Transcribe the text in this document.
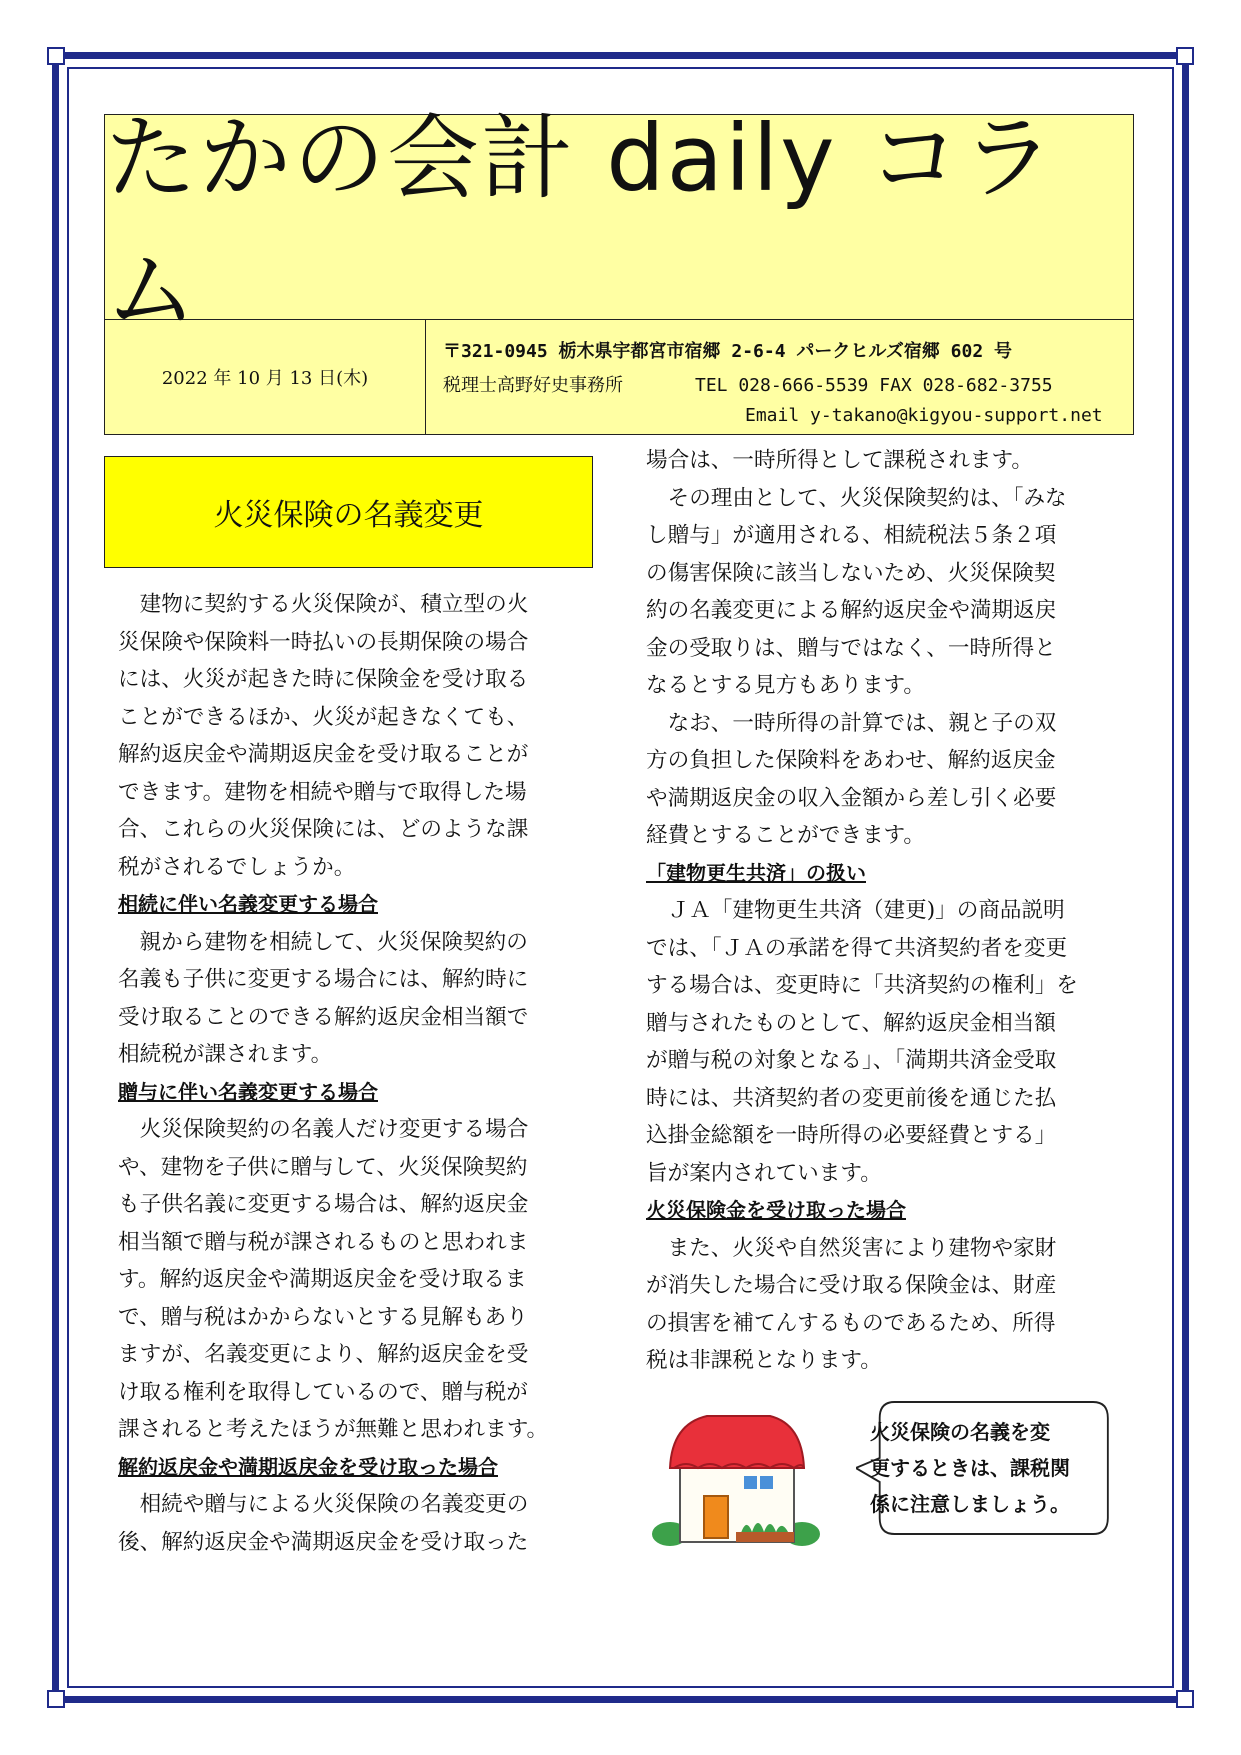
たかの会計 daily コラム
2022 年 10 月 13 日(木)
〒321-0945 栃木県宇都宮市宿郷 2-6-4 パークヒルズ宿郷 602 号
税理士高野好史事務所	TEL 028-666-5539 FAX 028-682-3755
Email y-takano@kigyou-support.net
火災保険の名義変更

　建物に契約する火災保険が、積立型の火

災保険や保険料一時払いの長期保険の場合

には、火災が起きた時に保険金を受け取る

ことができるほか、火災が起きなくても、

解約返戻金や満期返戻金を受け取ることが

できます。建物を相続や贈与で取得した場

合、これらの火災保険には、どのような課

税がされるでしょうか。

相続に伴い名義変更する場合

　親から建物を相続して、火災保険契約の

名義も子供に変更する場合には、解約時に

受け取ることのできる解約返戻金相当額で

相続税が課されます。

贈与に伴い名義変更する場合

　火災保険契約の名義人だけ変更する場合

や、建物を子供に贈与して、火災保険契約

も子供名義に変更する場合は、解約返戻金

相当額で贈与税が課されるものと思われま

す。解約返戻金や満期返戻金を受け取るま

で、贈与税はかからないとする見解もあり

ますが、名義変更により、解約返戻金を受

け取る権利を取得しているので、贈与税が

課されると考えたほうが無難と思われます。

解約返戻金や満期返戻金を受け取った場合

　相続や贈与による火災保険の名義変更の

後、解約返戻金や満期返戻金を受け取った

場合は、一時所得として課税されます。

　その理由として、火災保険契約は、「みな

し贈与」が適用される、相続税法５条２項

の傷害保険に該当しないため、火災保険契

約の名義変更による解約返戻金や満期返戻

金の受取りは、贈与ではなく、一時所得と

なるとする見方もあります。

　なお、一時所得の計算では、親と子の双

方の負担した保険料をあわせ、解約返戻金

や満期返戻金の収入金額から差し引く必要

経費とすることができます。

「建物更生共済」の扱い

　ＪＡ「建物更生共済（建更)」の商品説明

では、「ＪＡの承諾を得て共済契約者を変更

する場合は、変更時に「共済契約の権利」を

贈与されたものとして、解約返戻金相当額

が贈与税の対象となる」、「満期共済金受取

時には、共済契約者の変更前後を通じた払

込掛金総額を一時所得の必要経費とする」

旨が案内されています。

火災保険金を受け取った場合

　また、火災や自然災害により建物や家財

が消失した場合に受け取る保険金は、財産

の損害を補てんするものであるため、所得

税は非課税となります。

火災保険の名義を変

更するときは、課税関

係に注意しましょう。
